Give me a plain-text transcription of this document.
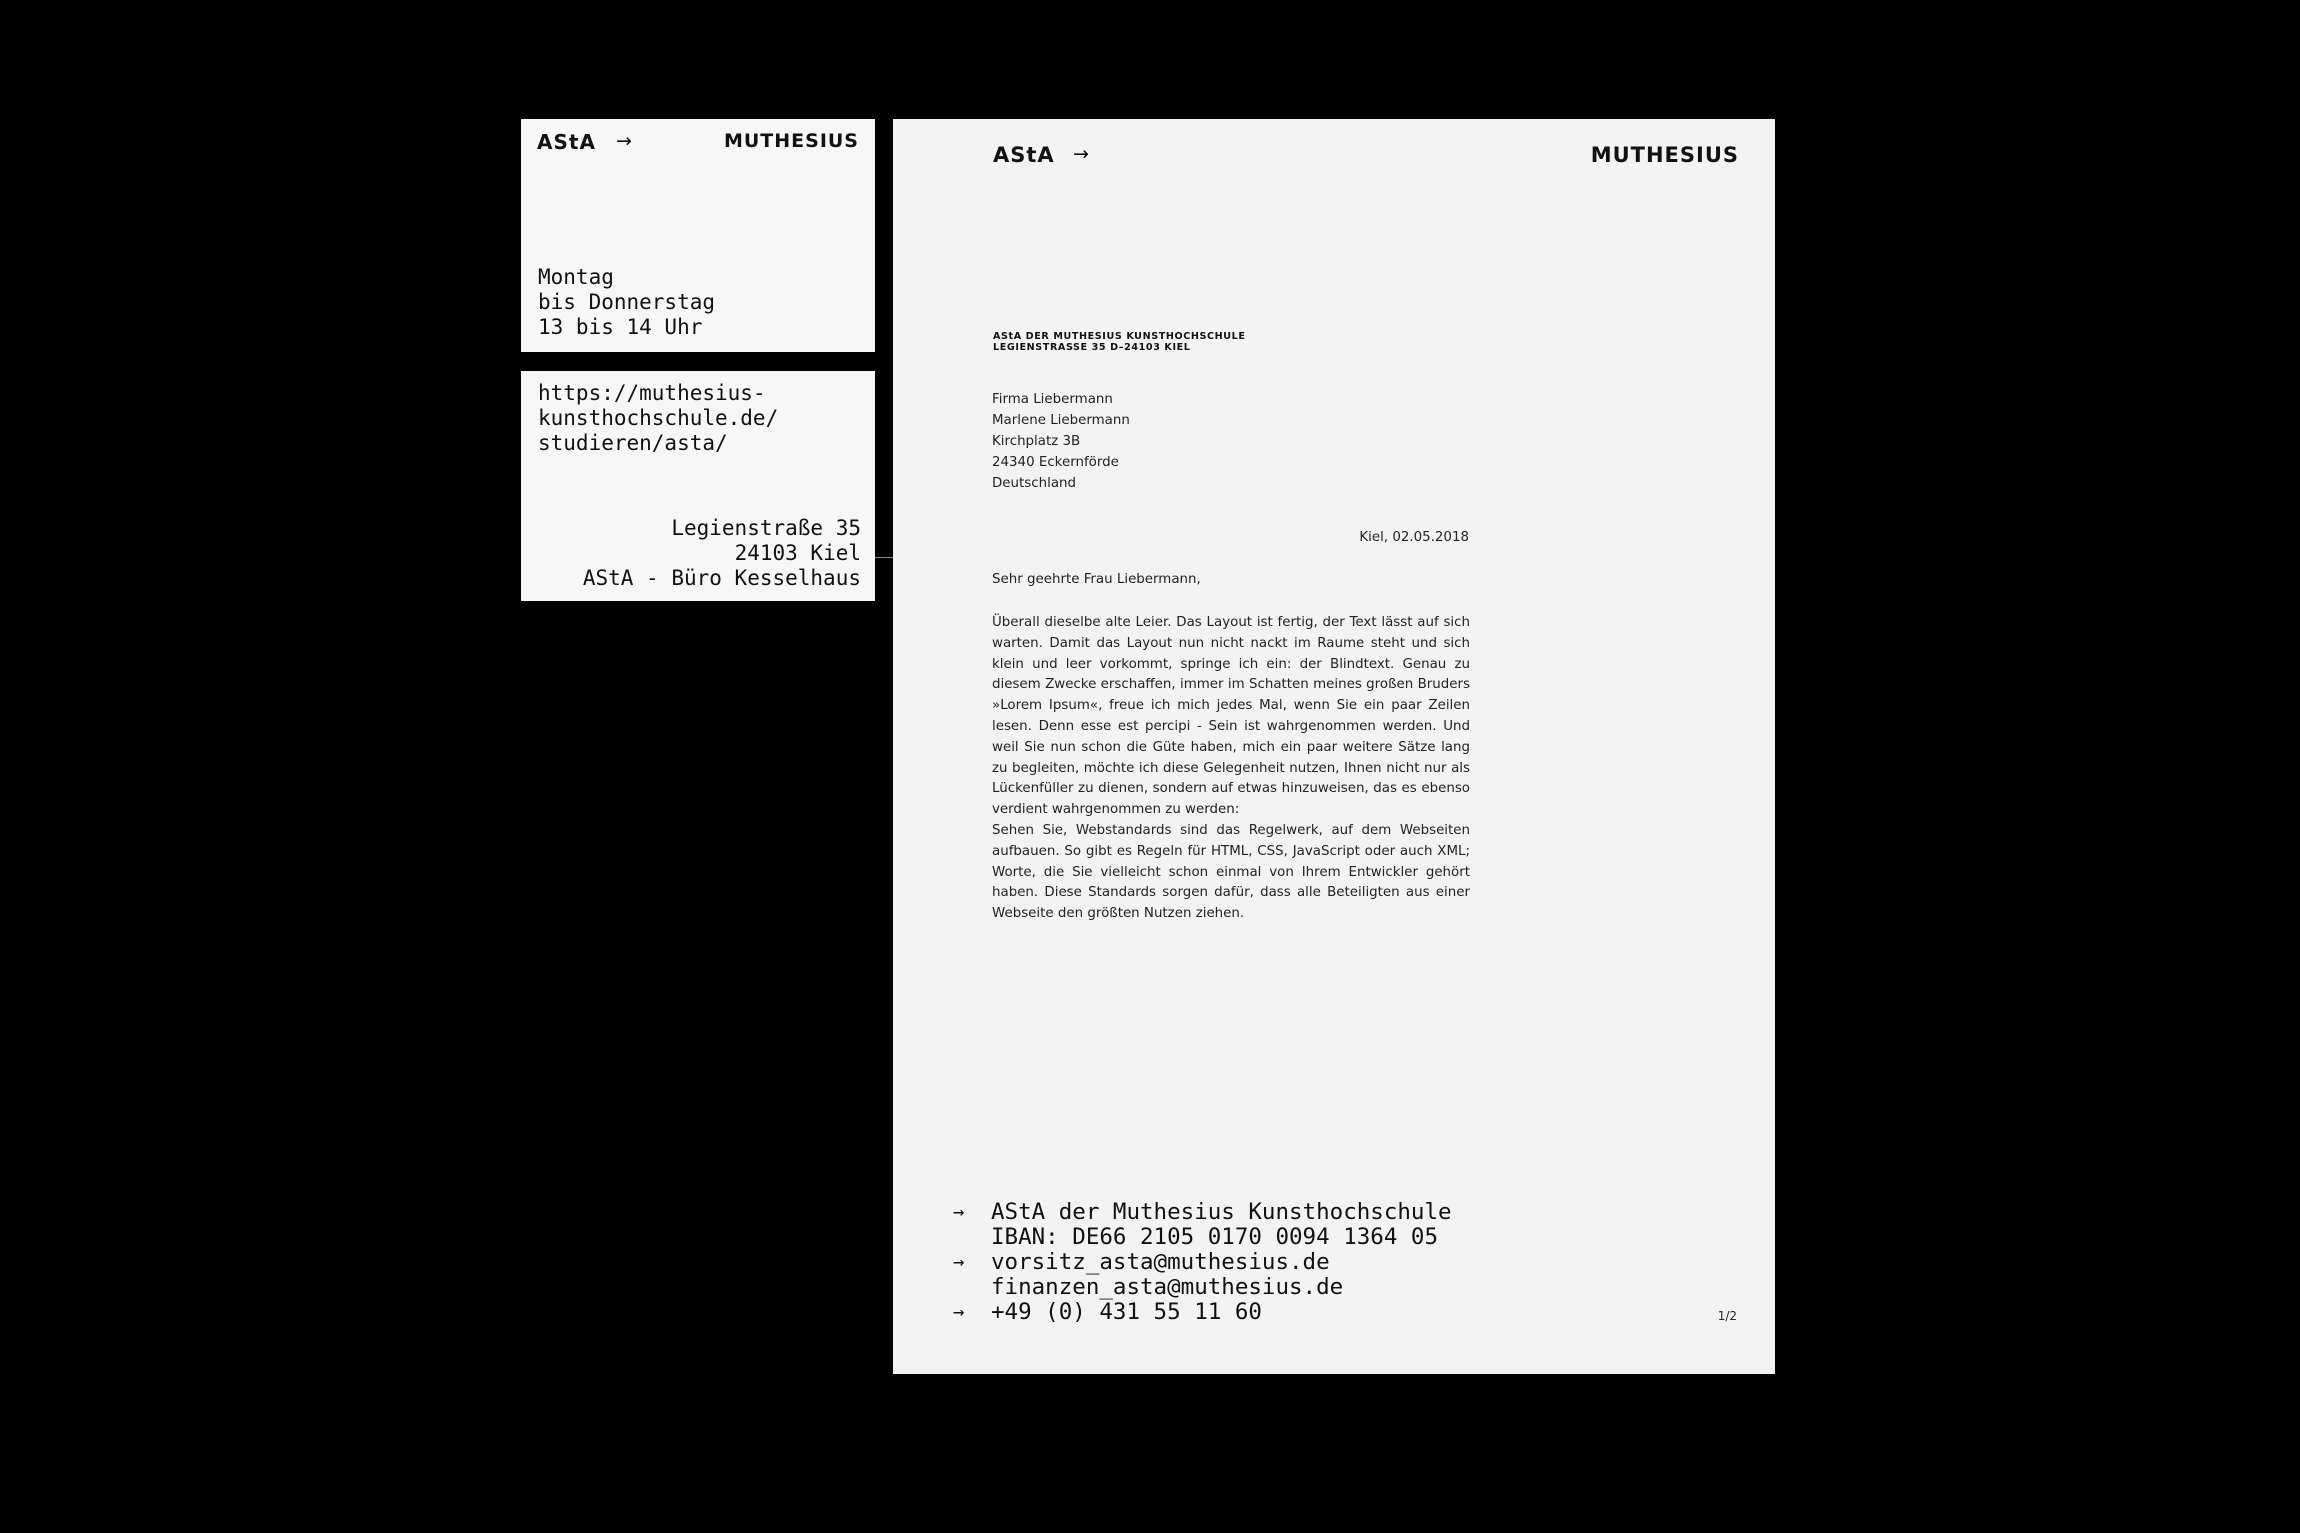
AStA →	MUTHESIUS
Montag
bis Donnerstag
13 bis 14 Uhr
https://muthesius-
kunsthochschule.de/
studieren/asta/
Legienstraße 35
24103 Kiel
AStA - Büro Kesselhaus
AStA →	MUTHESIUS
AStA DER MUTHESIUS KUNSTHOCHSCHULE
LEGIENSTRASSE 35 D–24103 KIEL
Firma Liebermann
Marlene Liebermann
Kirchplatz 3B
24340 Eckernförde
Deutschland
Kiel, 02.05.2018
Sehr geehrte Frau Liebermann,

Überall dieselbe alte Leier. Das Layout ist fertig, der Text lässt auf sich warten. Damit das Layout nun nicht nackt im Raume steht und sich klein und leer vorkommt, springe ich ein: der Blindtext. Genau zu diesem Zwecke erschaffen, immer im Schatten meines großen Bruders »Lorem Ipsum«, freue ich mich jedes Mal, wenn Sie ein paar Zeilen lesen. Denn esse est percipi - Sein ist wahrgenommen werden. Und weil Sie nun schon die Güte haben, mich ein paar weitere Sätze lang zu begleiten, möchte ich diese Gelegenheit nutzen, Ihnen nicht nur als Lückenfüller zu dienen, sondern auf etwas hinzuweisen, das es ebenso verdient wahrgenommen zu werden:

Sehen Sie, Webstandards sind das Regelwerk, auf dem Webseiten aufbauen. So gibt es Regeln für HTML, CSS, JavaScript oder auch XML; Worte, die Sie vielleicht schon einmal von Ihrem Entwickler gehört haben. Diese Standards sorgen dafür, dass alle Beteiligten aus einer Webseite den größten Nutzen ziehen.

→ AStA der Muthesius Kunsthochschule
IBAN: DE66 2105 0170 0094 1364 05
→ vorsitz_asta@muthesius.de
finanzen_asta@muthesius.de
→ +49 (0) 431 55 11 60	1/2
